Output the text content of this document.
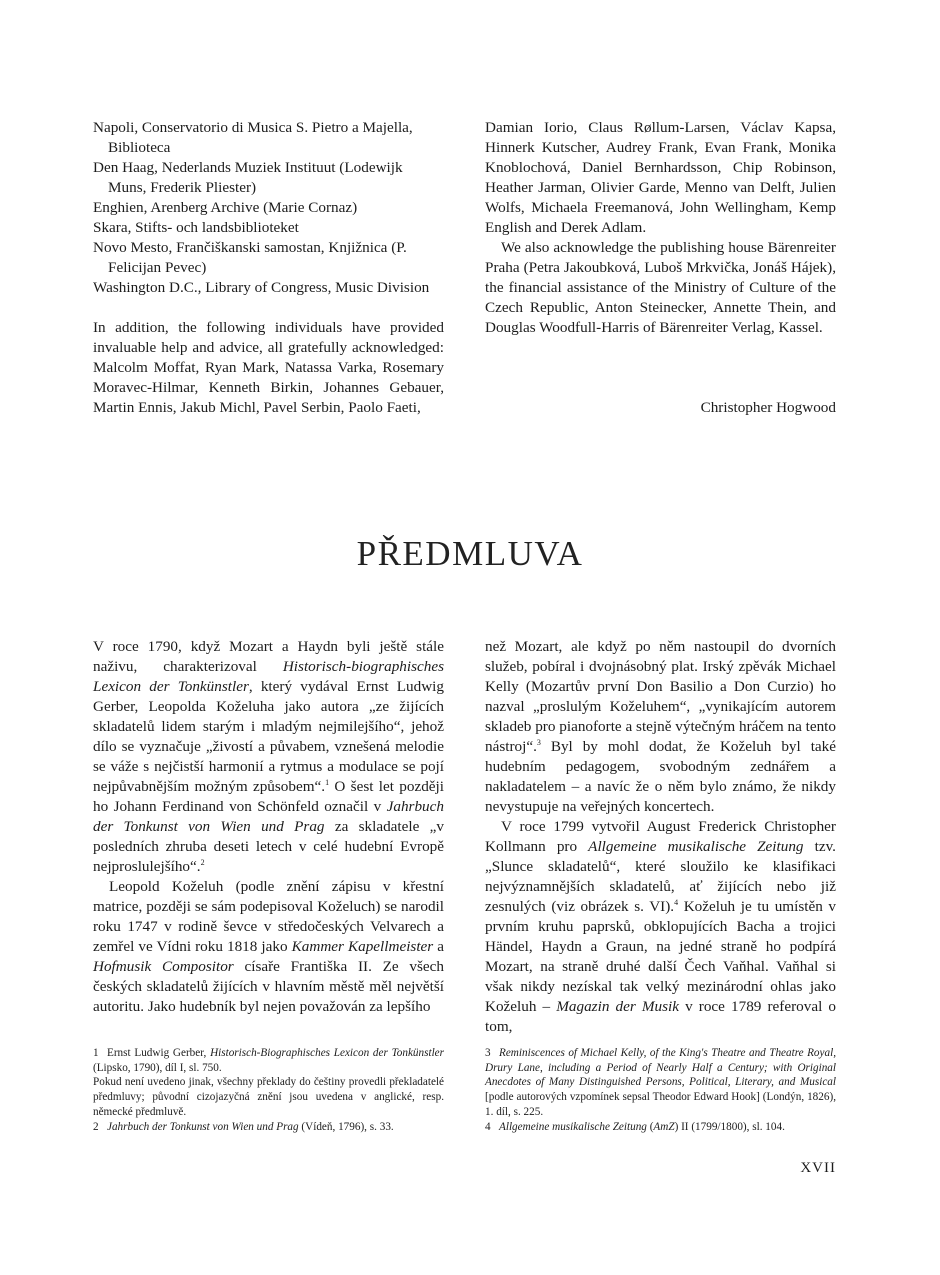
Napoli, Conservatorio di Musica S. Pietro a Majella, Biblioteca

Den Haag, Nederlands Muziek Instituut (Lodewijk Muns, Frederik Pliester)

Enghien, Arenberg Archive (Marie Cornaz)

Skara, Stifts- och landsbiblioteket

Novo Mesto, Frančiškanski samostan, Knjižnica (P. Felicijan Pevec)

Washington D.C., Library of Congress, Music Division

In addition, the following individuals have provided invaluable help and advice, all gratefully acknowledged: Malcolm Moffat, Ryan Mark, Natassa Varka, Rosemary Moravec-Hilmar, Kenneth Birkin, Johannes Gebauer, Martin Ennis, Jakub Michl, Pavel Serbin, Paolo Faeti,

Damian Iorio, Claus Røllum-Larsen, Václav Kapsa, Hinnerk Kutscher, Audrey Frank, Evan Frank, Monika Knoblochová, Daniel Bernhardsson, Chip Robinson, Heather Jarman, Olivier Garde, Menno van Delft, Julien Wolfs, Michaela Freemanová, John Wellingham, Kemp English and Derek Adlam.

We also acknowledge the publishing house Bärenreiter Praha (Petra Jakoubková, Luboš Mrkvička, Jonáš Hájek), the financial assistance of the Ministry of Culture of the Czech Republic, Anton Steinecker, Annette Thein, and Douglas Woodfull-Harris of Bärenreiter Verlag, Kassel.

Christopher Hogwood
PŘEDMLUVA

V roce 1790, když Mozart a Haydn byli ještě stále naživu, charakterizoval Historisch-biographisches Lexicon der Tonkünstler, který vydával Ernst Ludwig Gerber, Leopolda Koželuha jako autora „ze žijících skladatelů lidem starým i mladým nejmilejšího“, jehož dílo se vyznačuje „živostí a půvabem, vznešená melodie se váže s nejčistší harmonií a rytmus a modulace se pojí nejpůvabnějším možným způsobem“.$^1$ O šest let později ho Johann Ferdinand von Schönfeld označil v Jahrbuch der Tonkunst von Wien und Prag za skladatele „v posledních zhruba deseti letech v celé hudební Evropě nejproslulejšího“.$^2$

Leopold Koželuh (podle znění zápisu v křestní matrice, později se sám podepisoval Koželuch) se narodil roku 1747 v rodině ševce v středočeských Velvarech a zemřel ve Vídni roku 1818 jako Kammer Kapellmeister a Hofmusik Compositor císaře Františka II. Ze všech českých skladatelů žijících v hlavním městě měl největší autoritu. Jako hudebník byl nejen považován za lepšího

než Mozart, ale když po něm nastoupil do dvorních služeb, pobíral i dvojnásobný plat. Irský zpěvák Michael Kelly (Mozartův první Don Basilio a Don Curzio) ho nazval „proslulým Koželuhem“, „vynikajícím autorem skladeb pro pianoforte a stejně výtečným hráčem na tento nástroj“.$^3$ Byl by mohl dodat, že Koželuh byl také hudebním pedagogem, svobodným zednářem a nakladatelem – a navíc že o něm bylo známo, že nikdy nevystupuje na veřejných koncertech.

V roce 1799 vytvořil August Frederick Christopher Kollmann pro Allgemeine musikalische Zeitung tzv. „Slunce skladatelů“, které sloužilo ke klasifikaci nejvýznamnějších skladatelů, ať žijících nebo již zesnulých (viz obrázek s. VI).$^4$ Koželuh je tu umístěn v prvním kruhu paprsků, obklopujících Bacha a trojici Händel, Haydn a Graun, na jedné straně ho podpírá Mozart, na straně druhé další Čech Vaňhal. Vaňhal si však nikdy nezískal tak velký mezinárodní ohlas jako Koželuh – Magazin der Musik v roce 1789 referoval o tom,

1 Ernst Ludwig Gerber, Historisch-Biographisches Lexicon der Tonkünstler (Lipsko, 1790), díl I, sl. 750.

Pokud není uvedeno jinak, všechny překlady do češtiny provedli překladatelé předmluvy; původní cizojazyčná znění jsou uvedena v anglické, resp. německé předmluvě.

2 Jahrbuch der Tonkunst von Wien und Prag (Vídeň, 1796), s. 33.

3 Reminiscences of Michael Kelly, of the King's Theatre and Theatre Royal, Drury Lane, including a Period of Nearly Half a Century; with Original Anecdotes of Many Distinguished Persons, Political, Literary, and Musical [podle autorových vzpomínek sepsal Theodor Edward Hook] (Londýn, 1826), 1. díl, s. 225.

4 Allgemeine musikalische Zeitung (AmZ) II (1799/1800), sl. 104.

XVII
